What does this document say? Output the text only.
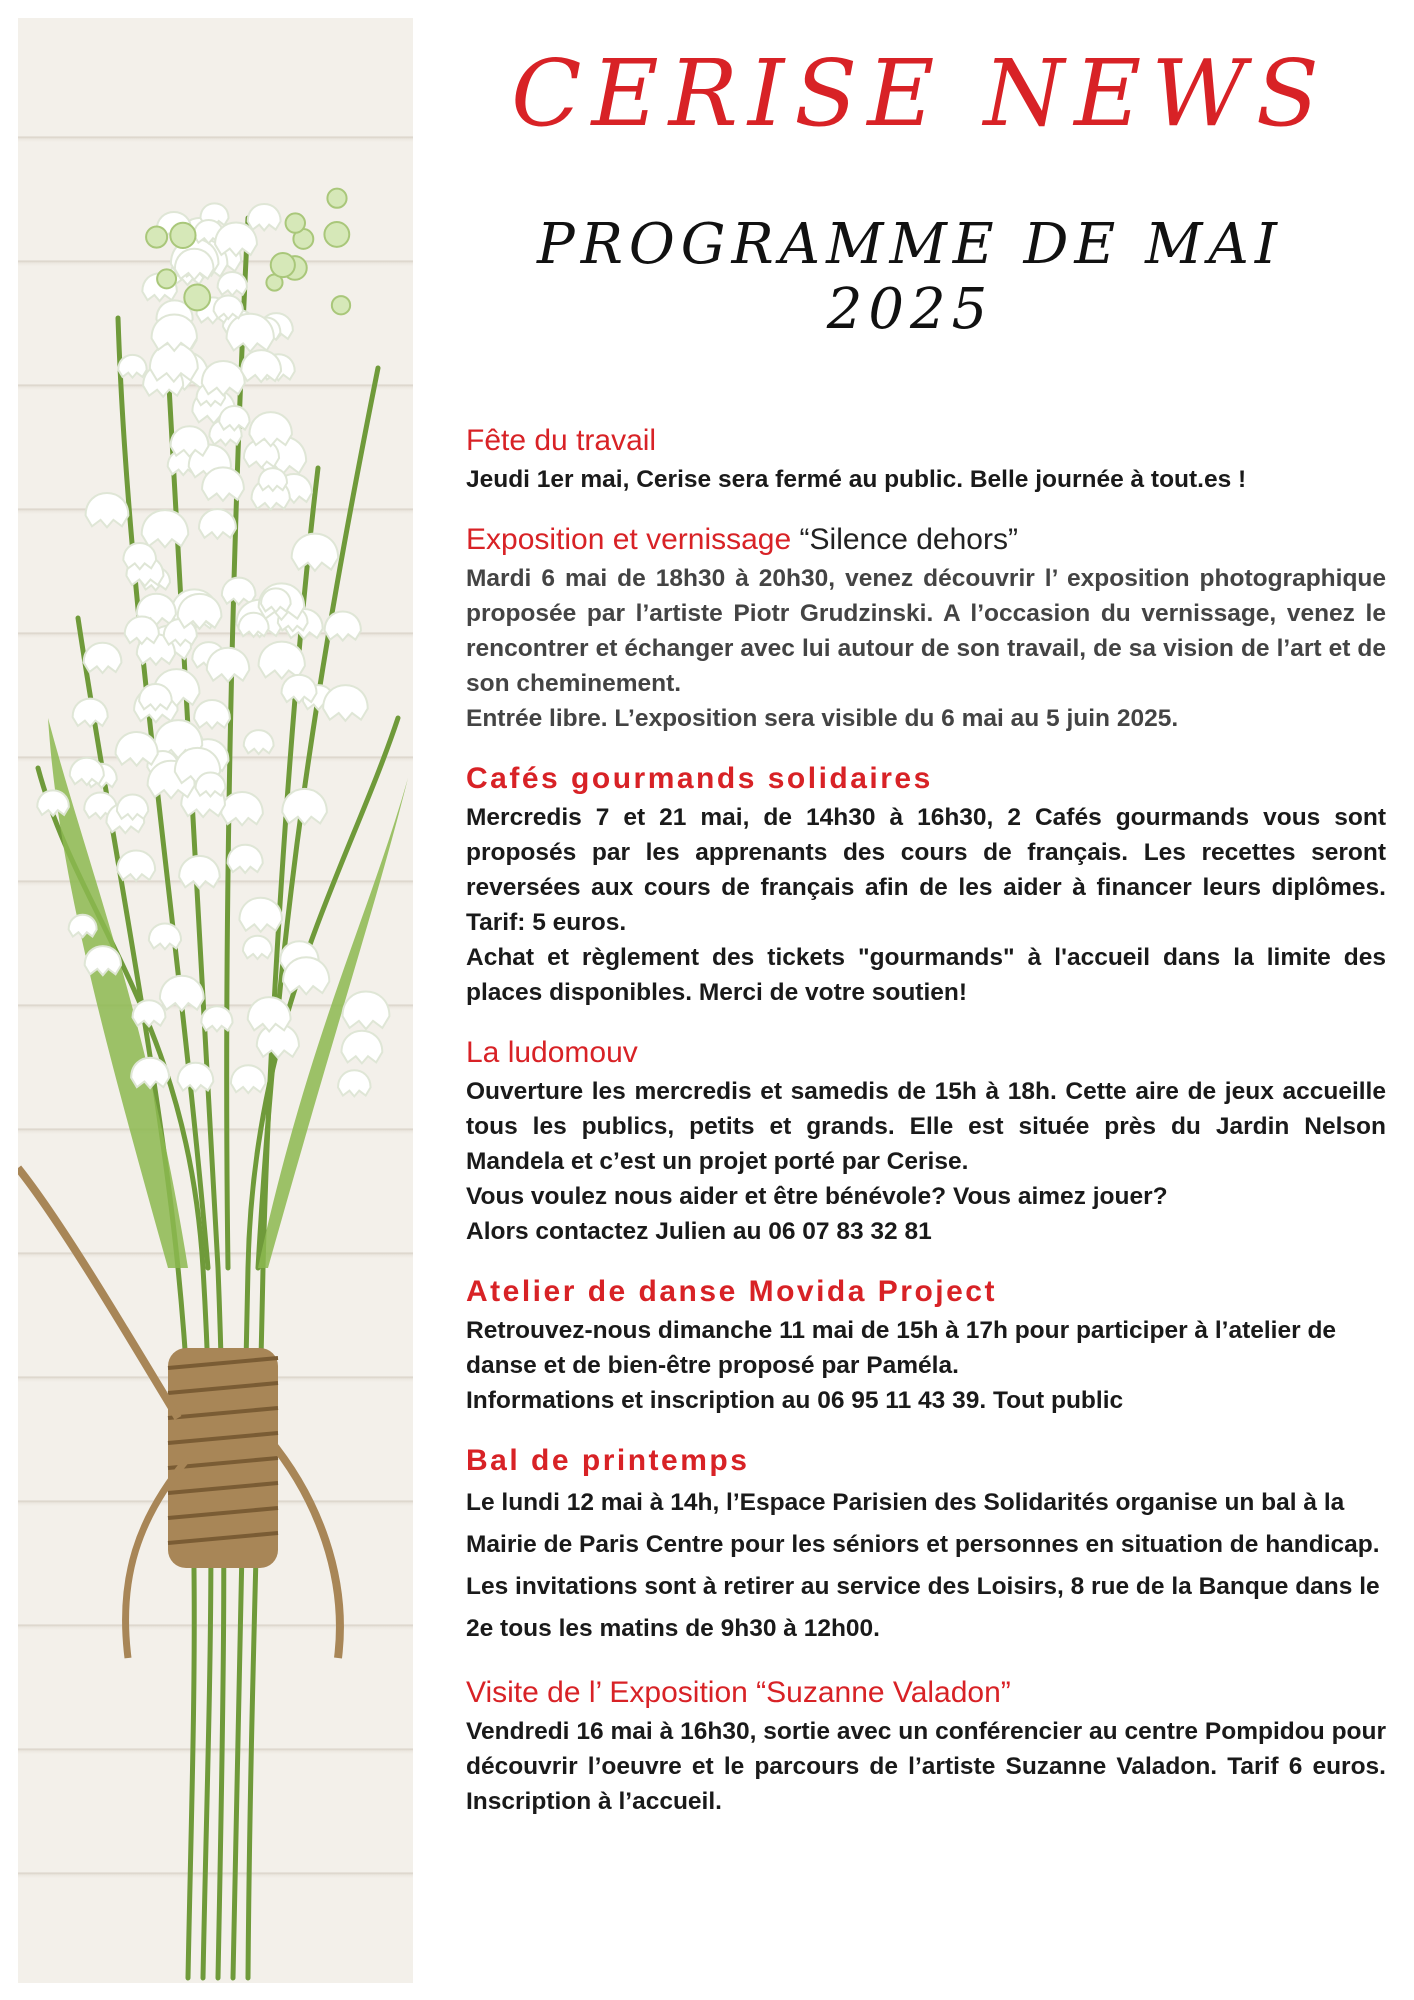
CERISE NEWS
PROGRAMME DE MAI 2025
Fête du travail

Jeudi 1er mai, Cerise sera fermé au public. Belle journée à tout.es !

Exposition et vernissage “Silence dehors”

Mardi 6 mai de 18h30 à 20h30, venez découvrir l’ exposition photographique proposée par l’artiste Piotr Grudzinski. A l’occasion du vernissage, venez le rencontrer et échanger avec lui autour de son travail, de sa vision de l’art et de son cheminement.

Entrée libre. L’exposition sera visible du 6 mai au 5 juin 2025.

Cafés gourmands solidaires

Mercredis 7 et 21 mai, de 14h30 à 16h30, 2 Cafés gourmands vous sont proposés par les apprenants des cours de français. Les recettes seront reversées aux cours de français afin de les aider à financer leurs diplômes. Tarif: 5 euros.

Achat et règlement des tickets "gourmands" à l'accueil dans la limite des places disponibles. Merci de votre soutien!

La ludomouv

Ouverture les mercredis et samedis de 15h à 18h. Cette aire de jeux accueille tous les publics, petits et grands. Elle est située près du Jardin Nelson Mandela et c’est un projet porté par Cerise.

Vous voulez nous aider et être bénévole? Vous aimez jouer?

Alors contactez Julien au 06 07 83 32 81

Atelier de danse Movida Project

Retrouvez-nous dimanche 11 mai de 15h à 17h pour participer à l’atelier de danse et de bien-être proposé par Paméla.

Informations et inscription au 06 95 11 43 39. Tout public

Bal de printemps

Le lundi 12 mai à 14h, l’Espace Parisien des Solidarités organise un bal à la Mairie de Paris Centre pour les séniors et personnes en situation de handicap. Les invitations sont à retirer au service des Loisirs, 8 rue de la Banque dans le 2e tous les matins de 9h30 à 12h00.

Visite de l’ Exposition “Suzanne Valadon”

Vendredi 16 mai à 16h30, sortie avec un conférencier au centre Pompidou pour découvrir l’oeuvre et le parcours de l’artiste Suzanne Valadon. Tarif 6 euros. Inscription à l’accueil.
